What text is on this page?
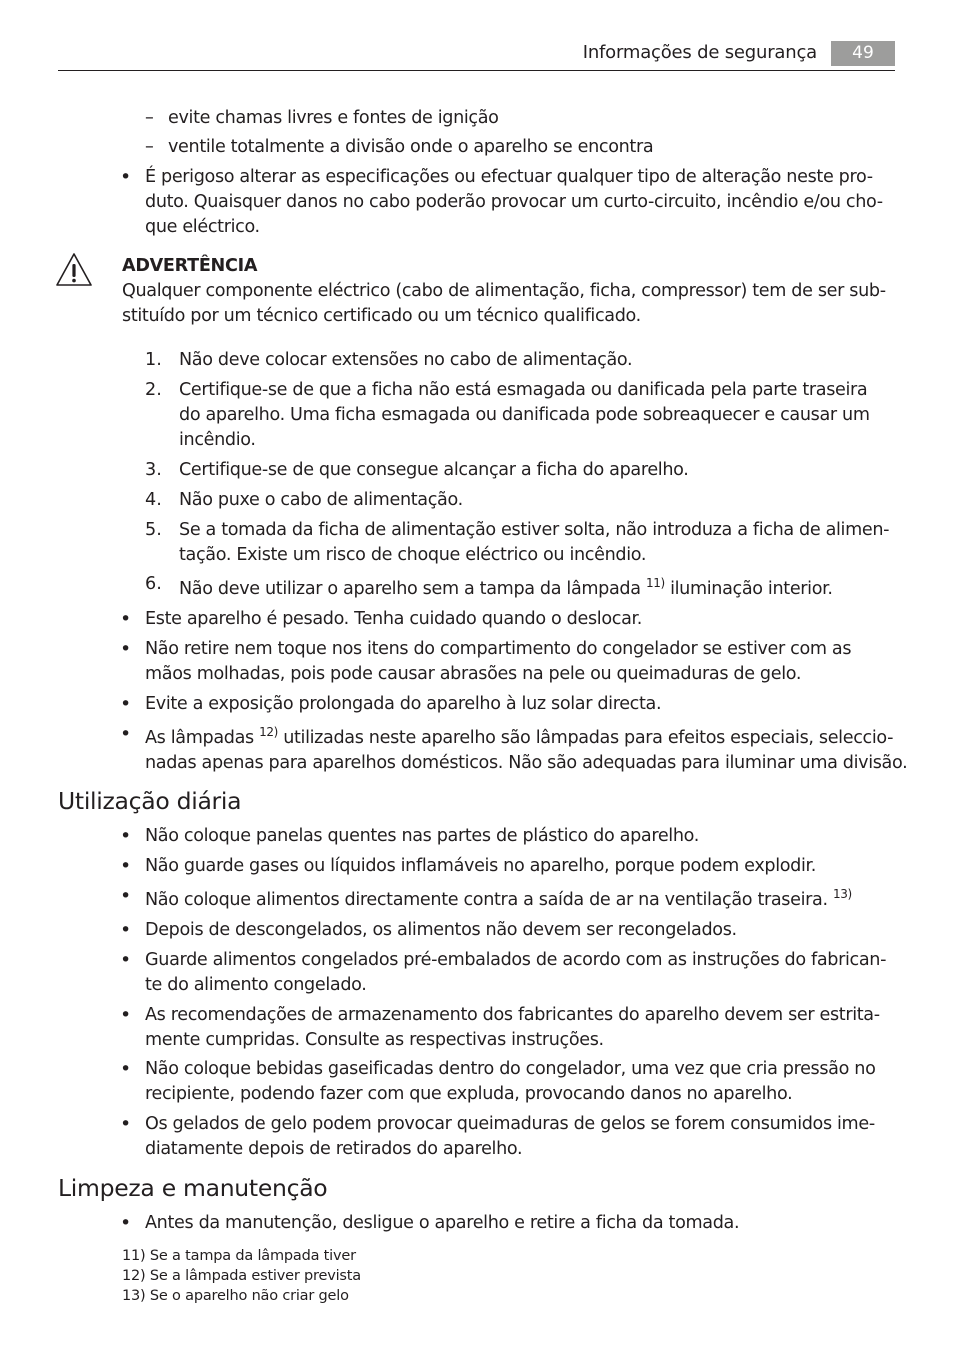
Informações de segurança	49
– evite chamas livres e fontes de ignição
– ventile totalmente a divisão onde o aparelho se encontra
• É perigoso alterar as especificações ou efectuar qualquer tipo de alteração neste pro-
duto. Quaisquer danos no cabo poderão provocar um curto-circuito, incêndio e/ou cho-
que eléctrico.
ADVERTÊNCIA
Qualquer componente eléctrico (cabo de alimentação, ficha, compressor) tem de ser sub-
stituído por um técnico certificado ou um técnico qualificado.
1. Não deve colocar extensões no cabo de alimentação.
2. Certifique-se de que a ficha não está esmagada ou danificada pela parte traseira
do aparelho. Uma ficha esmagada ou danificada pode sobreaquecer e causar um
incêndio.
3. Certifique-se de que consegue alcançar a ficha do aparelho.
4. Não puxe o cabo de alimentação.
5. Se a tomada da ficha de alimentação estiver solta, não introduza a ficha de alimen-
tação. Existe um risco de choque eléctrico ou incêndio.
6. Não deve utilizar o aparelho sem a tampa da lâmpada $^{11)}$ iluminação interior.
• Este aparelho é pesado. Tenha cuidado quando o deslocar.
• Não retire nem toque nos itens do compartimento do congelador se estiver com as
mãos molhadas, pois pode causar abrasões na pele ou queimaduras de gelo.
• Evite a exposição prolongada do aparelho à luz solar directa.
• As lâmpadas $^{12)}$ utilizadas neste aparelho são lâmpadas para efeitos especiais, seleccio-
nadas apenas para aparelhos domésticos. Não são adequadas para iluminar uma divisão.
Utilização diária
• Não coloque panelas quentes nas partes de plástico do aparelho.
• Não guarde gases ou líquidos inflamáveis no aparelho, porque podem explodir.
• Não coloque alimentos directamente contra a saída de ar na ventilação traseira. $^{13)}$
• Depois de descongelados, os alimentos não devem ser recongelados.
• Guarde alimentos congelados pré-embalados de acordo com as instruções do fabrican-
te do alimento congelado.
• As recomendações de armazenamento dos fabricantes do aparelho devem ser estrita-
mente cumpridas. Consulte as respectivas instruções.
• Não coloque bebidas gaseificadas dentro do congelador, uma vez que cria pressão no
recipiente, podendo fazer com que expluda, provocando danos no aparelho.
• Os gelados de gelo podem provocar queimaduras de gelos se forem consumidos ime-
diatamente depois de retirados do aparelho.
Limpeza e manutenção
• Antes da manutenção, desligue o aparelho e retire a ficha da tomada.
11) Se a tampa da lâmpada tiver
12) Se a lâmpada estiver prevista
13) Se o aparelho não criar gelo
